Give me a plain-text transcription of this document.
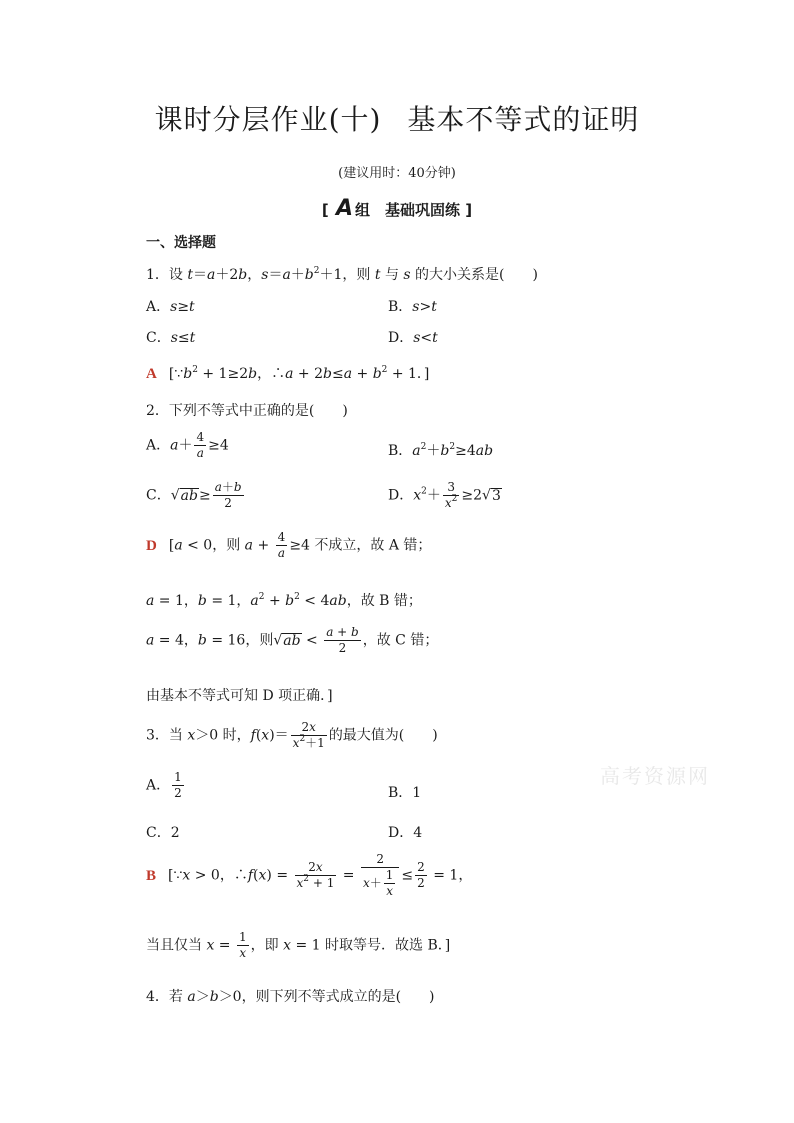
课时分层作业(十) 基本不等式的证明
(建议用时：40分钟)
[ A 组　基础巩固练 ]
一、选择题
1．设 t＝a＋2b，$s=a+b^2+1$，则 t 与 s 的大小关系是(　　)
A．s≥t	B．s>t
C．s≤t	D．s<t
A [$\because b^2 + 1\ge 2b$，∴a + $2b\le a + b^2 + 1$．]
2．下列不等式中正确的是(　　)
A．$a+ \frac{4}{a} \ge 4$	B．$a^2+b^2\ge 4ab$
C．$√ab\ge \frac{a+b}{2}$	D．$x^2+ \frac{3}{x^2} \ge 2√3$
D [a < 0，则 $a + \frac{4}{a} \ge 4$ 不成立，故 A 错；
a = 1，b = 1，$a^2 + b^2 < 4ab$，故 B 错；
a = 4，b = 16，则$√ab < \frac{a + b}{2}$ ，故 C 错；
由基本不等式可知 D 项正确．]
3．当 x＞0 时，$f(x)= \frac{2x}{x^2+1}$ 的最大值为(　　)
A． $\frac{1}{2}$	B．1
C．2	D．4
B [∵x > 0，∴f(x) = $\frac{2x}{x^2 + 1} = \frac{2}{x+ \frac{1}{x}} \le \frac{2}{2} = 1$，
当且仅当 $x = \frac{1}{x}$ ，即 x = 1 时取等号．故选 B．]
4．若 a＞b＞0，则下列不等式成立的是(　　)
高考资源网
